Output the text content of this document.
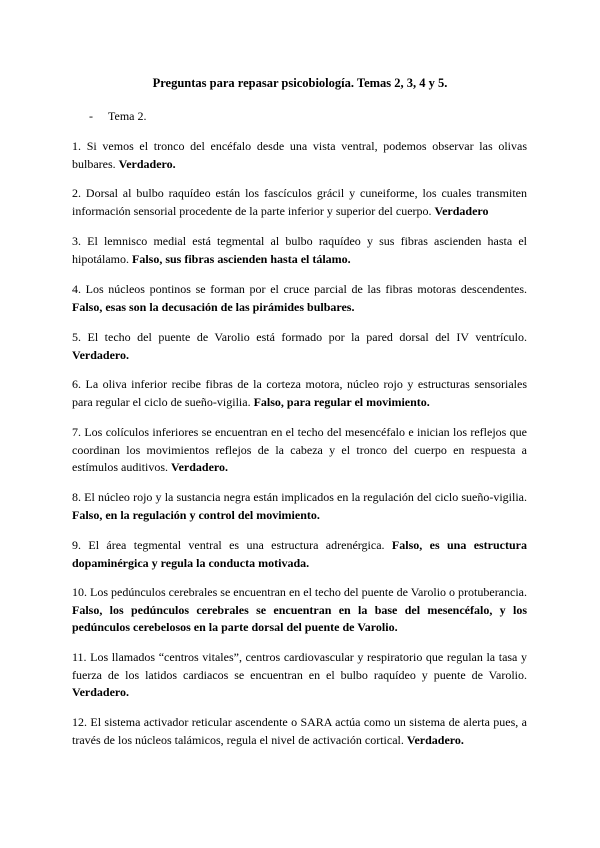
Preguntas para repasar psicobiología. Temas 2, 3, 4 y 5.
- Tema 2.
1. Si vemos el tronco del encéfalo desde una vista ventral, podemos observar las olivas bulbares. Verdadero.
2. Dorsal al bulbo raquídeo están los fascículos grácil y cuneiforme, los cuales transmiten información sensorial procedente de la parte inferior y superior del cuerpo. Verdadero
3. El lemnisco medial está tegmental al bulbo raquídeo y sus fibras ascienden hasta el hipotálamo. Falso, sus fibras ascienden hasta el tálamo.
4. Los núcleos pontinos se forman por el cruce parcial de las fibras motoras descendentes. Falso, esas son la decusación de las pirámides bulbares.
5. El techo del puente de Varolio está formado por la pared dorsal del IV ventrículo. Verdadero.
6. La oliva inferior recibe fibras de la corteza motora, núcleo rojo y estructuras sensoriales para regular el ciclo de sueño-vigilia. Falso, para regular el movimiento.
7. Los colículos inferiores se encuentran en el techo del mesencéfalo e inician los reflejos que coordinan los movimientos reflejos de la cabeza y el tronco del cuerpo en respuesta a estímulos auditivos. Verdadero.
8. El núcleo rojo y la sustancia negra están implicados en la regulación del ciclo sueño-vigilia. Falso, en la regulación y control del movimiento.
9. El área tegmental ventral es una estructura adrenérgica. Falso, es una estructura dopaminérgica y regula la conducta motivada.
10. Los pedúnculos cerebrales se encuentran en el techo del puente de Varolio o protuberancia. Falso, los pedúnculos cerebrales se encuentran en la base del mesencéfalo, y los pedúnculos cerebelosos en la parte dorsal del puente de Varolio.
11. Los llamados “centros vitales”, centros cardiovascular y respiratorio que regulan la tasa y fuerza de los latidos cardiacos se encuentran en el bulbo raquídeo y puente de Varolio. Verdadero.
12. El sistema activador reticular ascendente o SARA actúa como un sistema de alerta pues, a través de los núcleos talámicos, regula el nivel de activación cortical. Verdadero.
